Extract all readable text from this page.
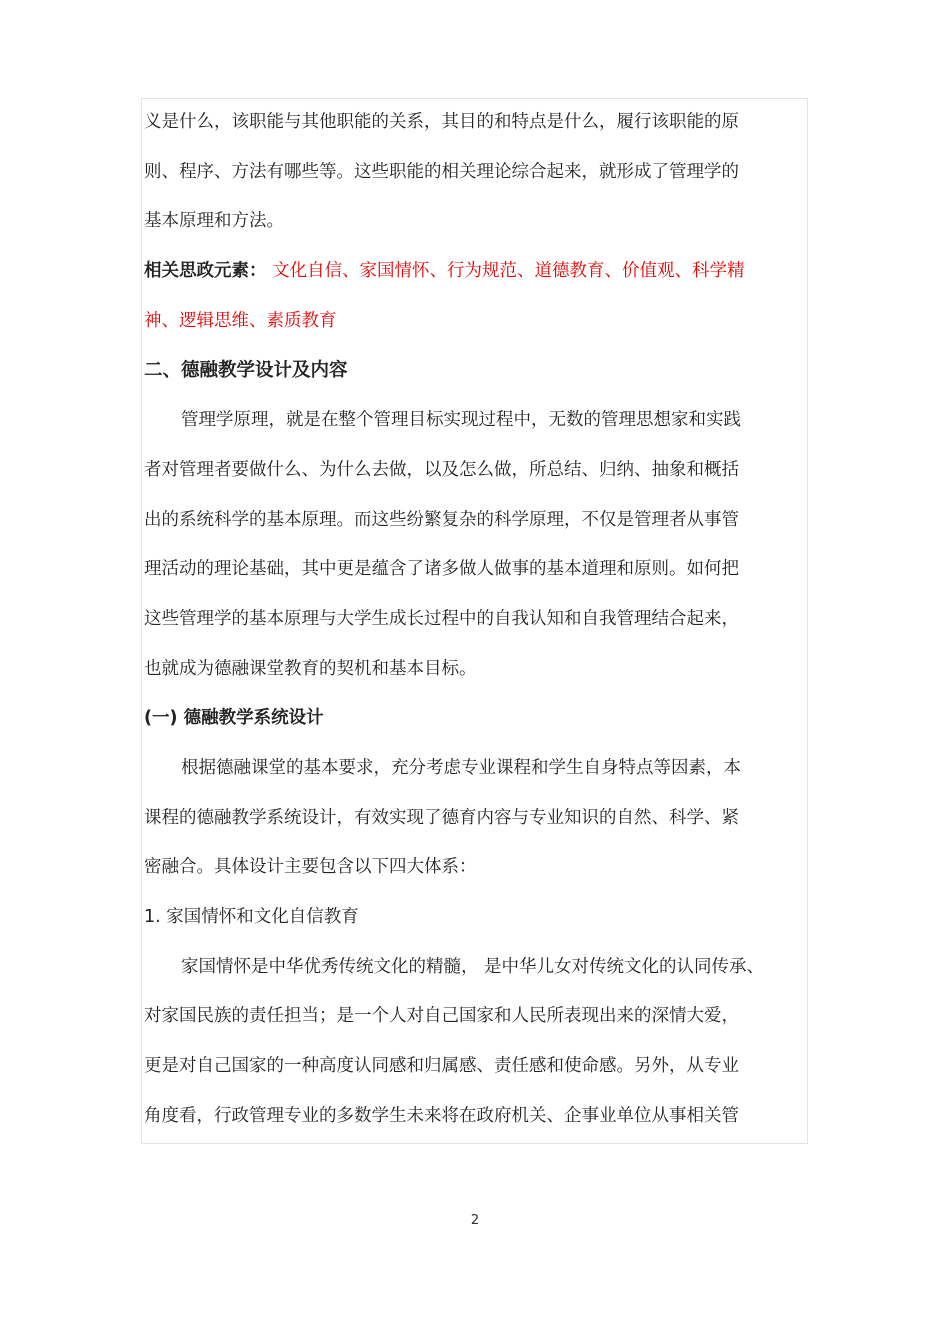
义是什么，该职能与其他职能的关系，其目的和特点是什么，履行该职能的原
则、程序、方法有哪些等。这些职能的相关理论综合起来，就形成了管理学的
基本原理和方法。
相关思政元素： 文化自信、家国情怀、行为规范、道德教育、价值观、科学精
神、逻辑思维、素质教育
二、德融教学设计及内容
管理学原理，就是在整个管理目标实现过程中，无数的管理思想家和实践
者对管理者要做什么、为什么去做，以及怎么做，所总结、归纳、抽象和概括
出的系统科学的基本原理。而这些纷繁复杂的科学原理，不仅是管理者从事管
理活动的理论基础，其中更是蕴含了诸多做人做事的基本道理和原则。如何把
这些管理学的基本原理与大学生成长过程中的自我认知和自我管理结合起来，
也就成为德融课堂教育的契机和基本目标。
(一) 德融教学系统设计
根据德融课堂的基本要求，充分考虑专业课程和学生自身特点等因素，本
课程的德融教学系统设计，有效实现了德育内容与专业知识的自然、科学、紧
密融合。具体设计主要包含以下四大体系：
1. 家国情怀和文化自信教育
家国情怀是中华优秀传统文化的精髓， 是中华儿女对传统文化的认同传承、
对家国民族的责任担当；是一个人对自己国家和人民所表现出来的深情大爱，
更是对自己国家的一种高度认同感和归属感、责任感和使命感。另外，从专业
角度看，行政管理专业的多数学生未来将在政府机关、企事业单位从事相关管
2
